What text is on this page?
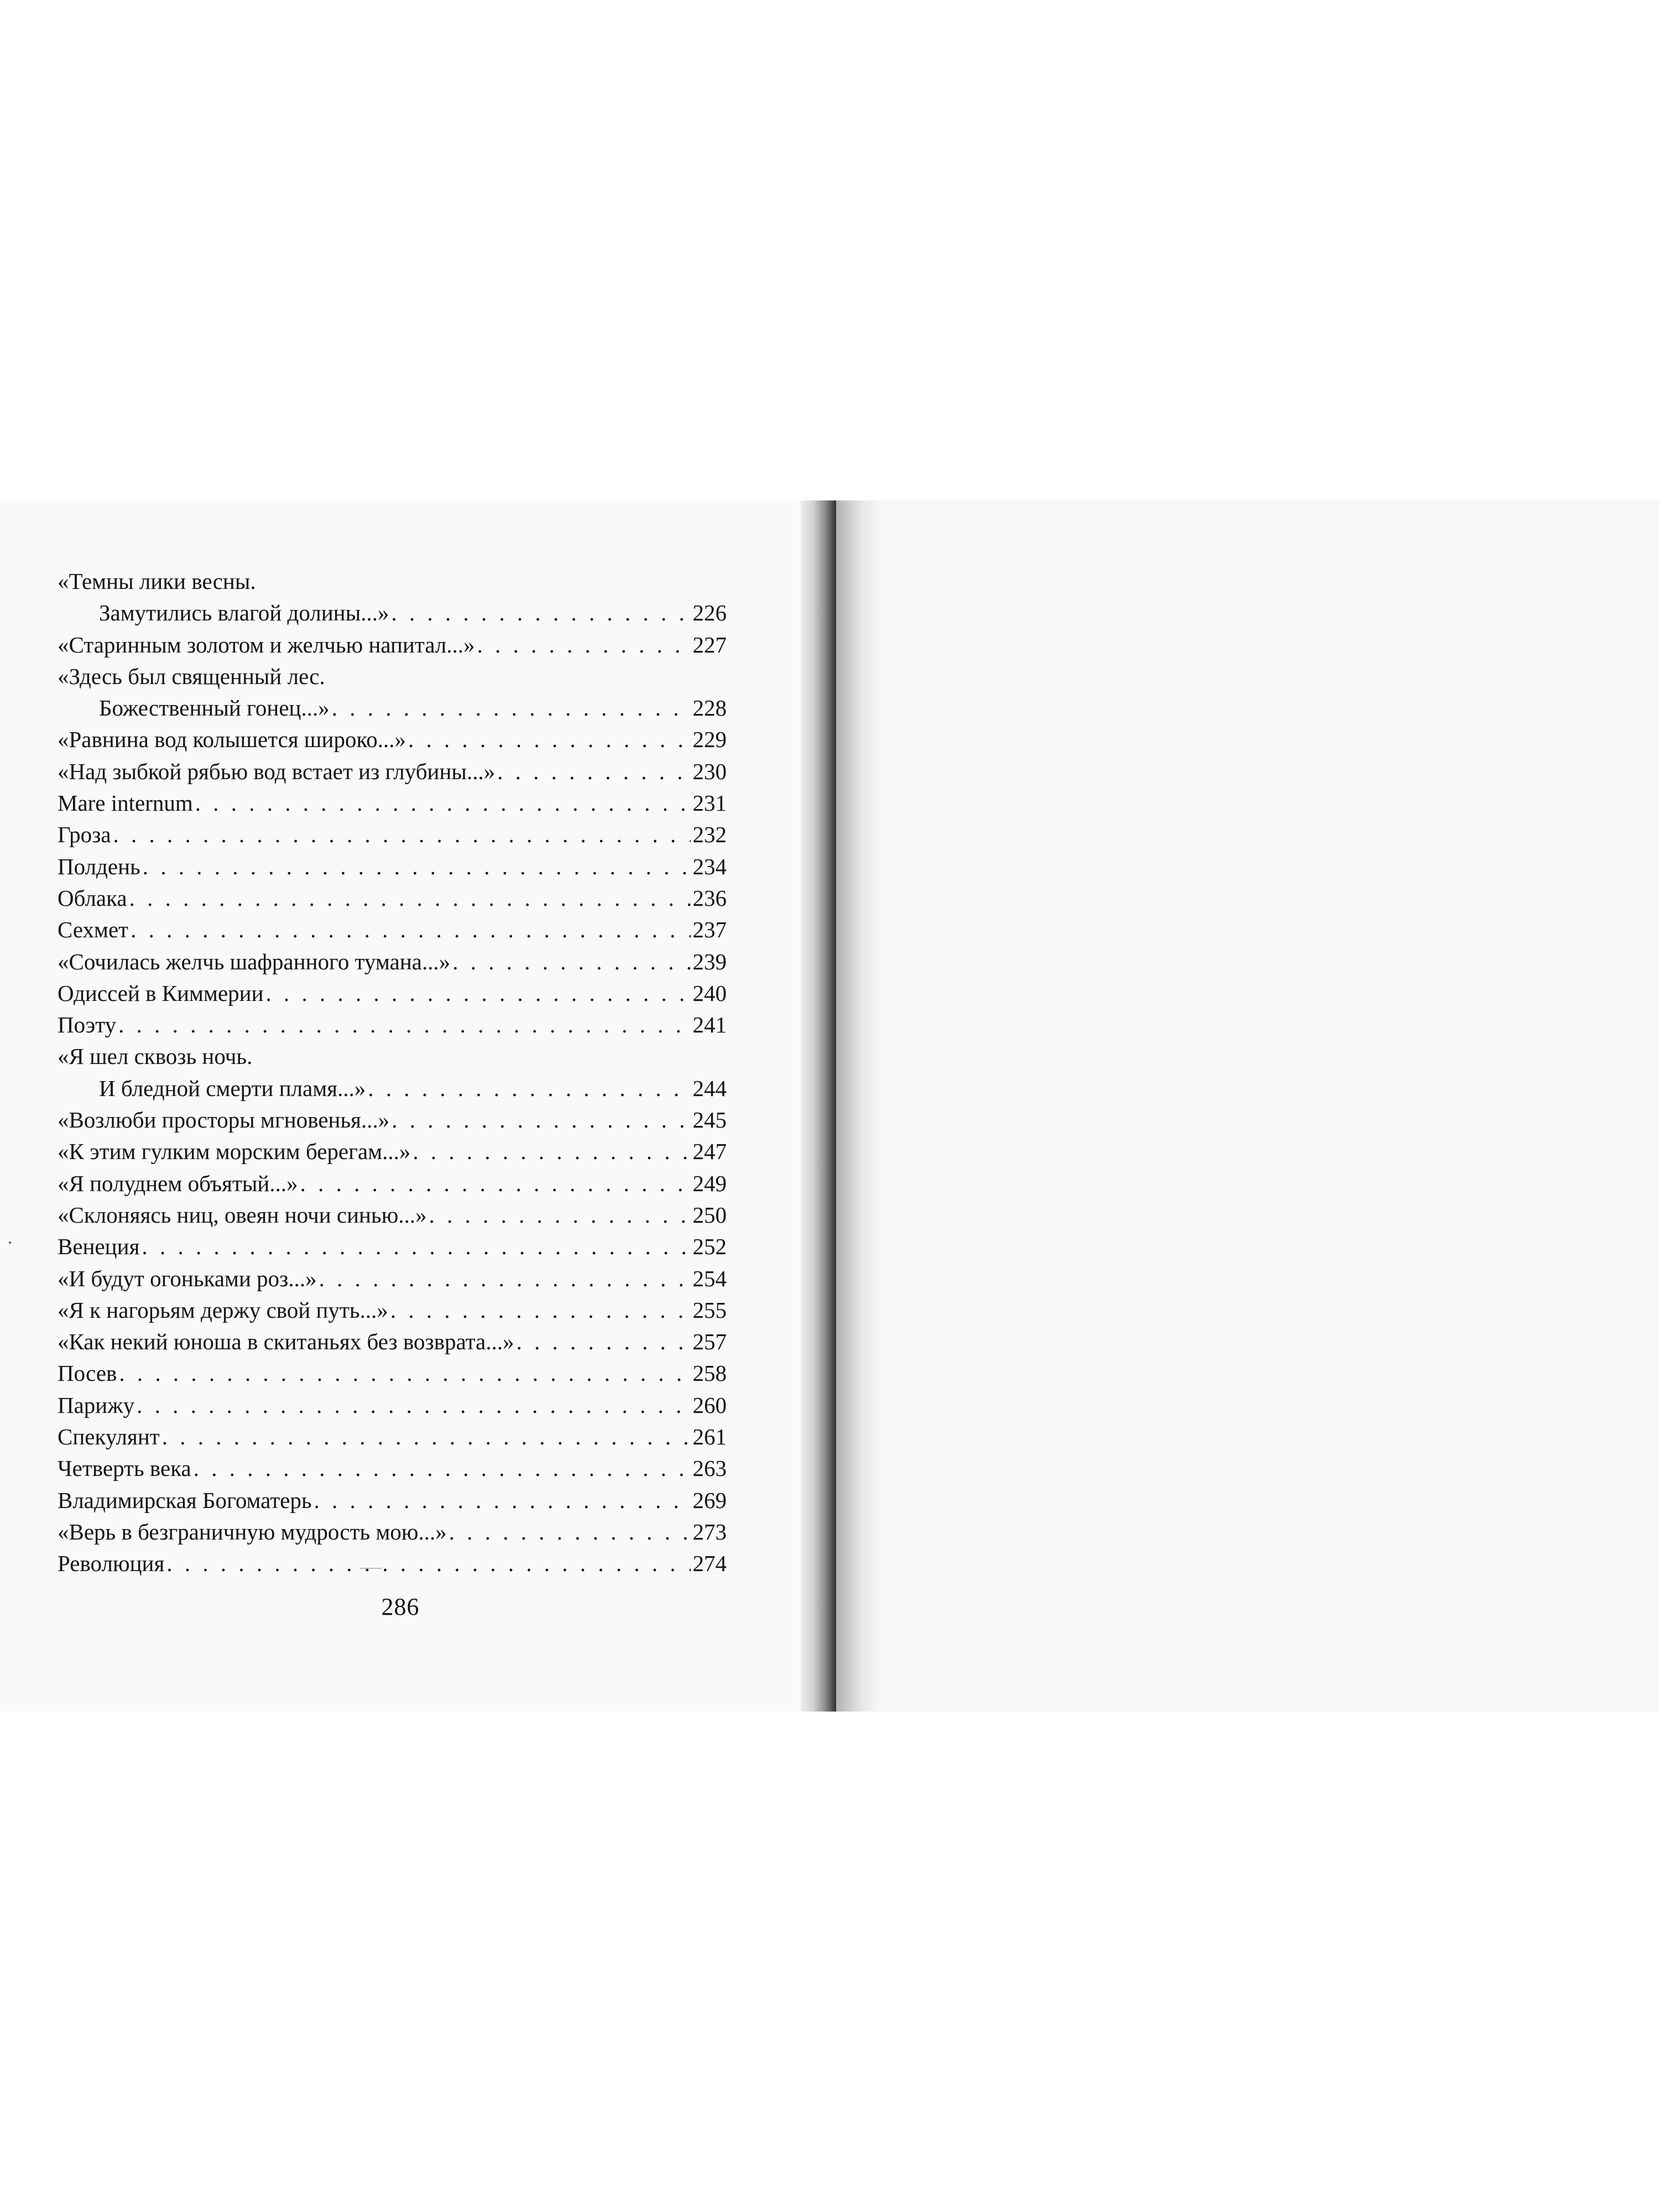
«Темны лики весны.
Замутились влагой долины...» . . .	226
«Старинным золотом и желчью напитал...» . . .	227
«Здесь был священный лес.
Божественный гонец...» . . .	228
«Равнина вод колышется широко...» . . .	229
«Над зыбкой рябью вод встает из глубины...» . . .	230
Mare internum . . .	231
Гроза . . .	232
Полдень . . .	234
Облака . . .	236
Сехмет . . .	237
«Сочилась желчь шафранного тумана...» . . .	239
Одиссей в Киммерии . . .	240
Поэту . . .	241
«Я шел сквозь ночь.
И бледной смерти пламя...» . . .	244
«Возлюби просторы мгновенья...» . . .	245
«К этим гулким морским берегам...» . . .	247
«Я полуднем объятый...» . . .	249
«Склоняясь ниц, овеян ночи синью...» . . .	250
Венеция . . .	252
«И будут огоньками роз...» . . .	254
«Я к нагорьям держу свой путь...» . . .	255
«Как некий юноша в скитаньях без возврата...» . . .	257
Посев . . .	258
Парижу . . .	260
Спекулянт . . .	261
Четверть века . . .	263
Владимирская Богоматерь . . .	269
«Верь в безграничную мудрость мою...» . . .	273
Революция . . .	274
286
